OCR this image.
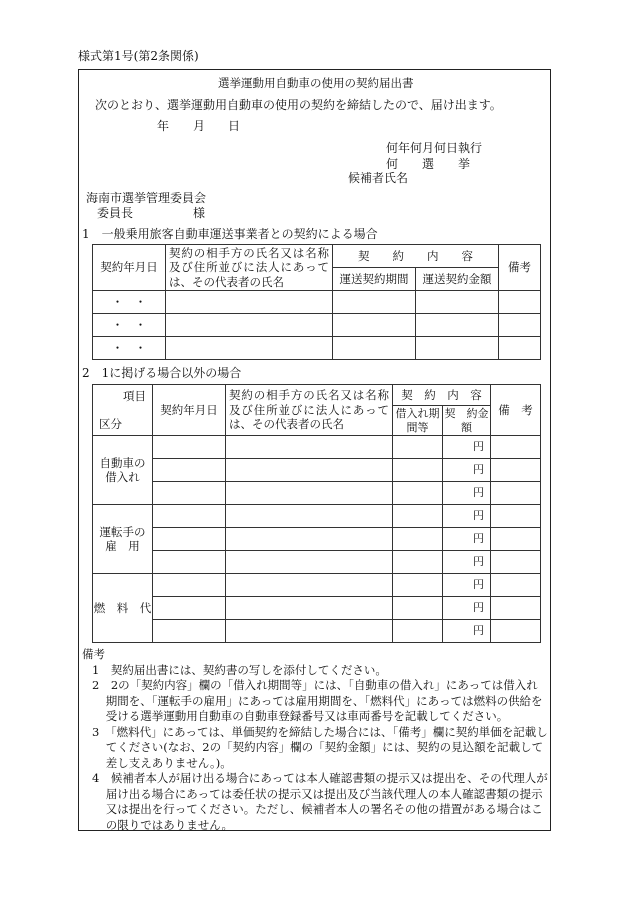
様式第1号(第2条関係)
選挙運動用自動車の使用の契約届出書
次のとおり、選挙運動用自動車の使用の契約を締結したので、届け出ます。
年 月 日
何年何月何日執行
何　　選　　挙
候補者氏名
海南市選挙管理委員会
委員長　　　　　様
1　一般乗用旅客自動車運送事業者との契約による場合
契約年月日	契約の相手方の氏名又は名称及び住所並びに法人にあっては、その代表者の氏名	契　　約　　内　　容		備考
		運送契約期間	運送契約金額	
・　・				
・　・				
・　・				
2　1に掲げる場合以外の場合
項目
区分	契約年月日	契約の相手方の氏名又は名称及び住所並びに法人にあっては、その代表者の氏名	契　約　内　容		備　考
			借入れ期間等	契　約金　額	
自動車の借入れ				円	
				円	
				円	
運転手の雇　用				円	
				円	
				円	
燃　料　代				円	
				円	
				円	

備考

1　契約届出書には、契約書の写しを添付してください。

2　2の「契約内容」欄の「借入れ期間等」には、「自動車の借入れ」にあっては借入れ期間を、「運転手の雇用」にあっては雇用期間を、「燃料代」にあっては燃料の供給を受ける選挙運動用自動車の自動車登録番号又は車両番号を記載してください。

3　「燃料代」にあっては、単価契約を締結した場合には、「備考」欄に契約単価を記載してください(なお、2の「契約内容」欄の「契約金額」には、契約の見込額を記載して差し支えありません。)。

4　候補者本人が届け出る場合にあっては本人確認書類の提示又は提出を、その代理人が届け出る場合にあっては委任状の提示又は提出及び当該代理人の本人確認書類の提示又は提出を行ってください。ただし、候補者本人の署名その他の措置がある場合はこの限りではありません。
